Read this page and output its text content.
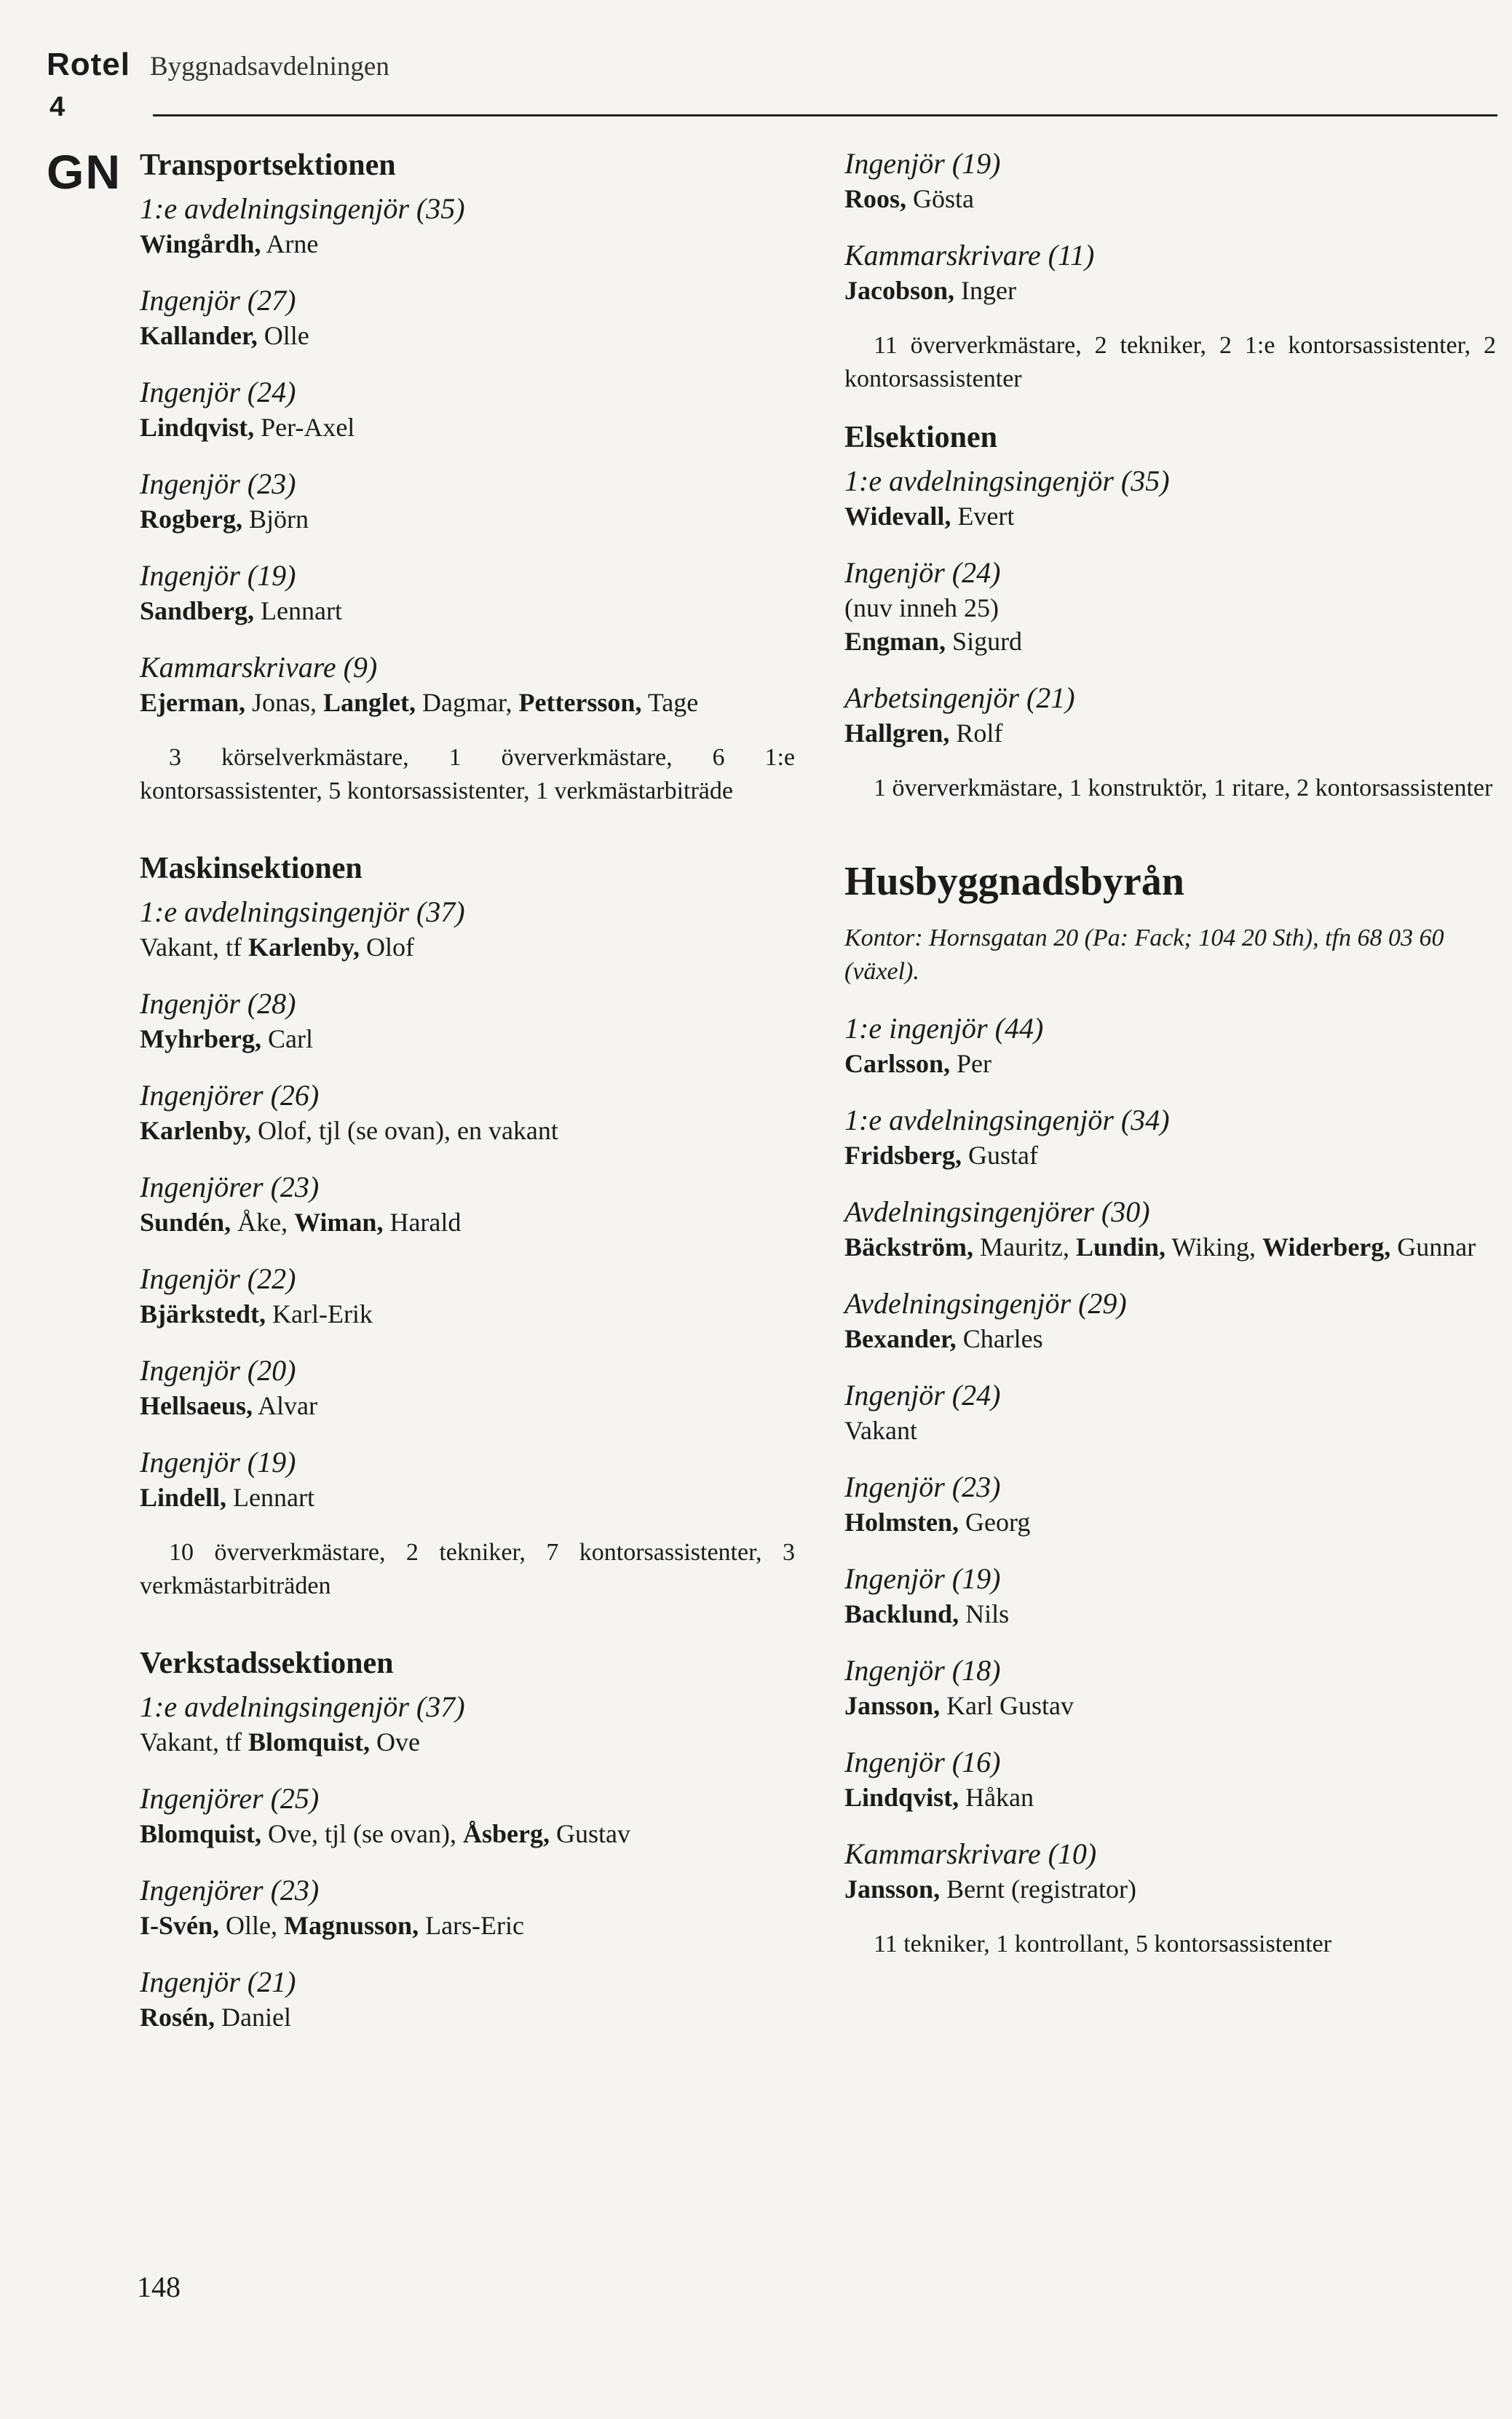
Rotel Byggnadsavdelningen
4
GN Transportsektionen
1:e avdelningsingenjör (35)
Wingårdh, Arne
Ingenjör (27)
Kallander, Olle
Ingenjör (24)
Lindqvist, Per-Axel
Ingenjör (23)
Rogberg, Björn
Ingenjör (19)
Sandberg, Lennart
Kammarskrivare (9)
Ejerman, Jonas, Langlet, Dagmar, Pettersson, Tage
3 körselverkmästare, 1 öververkmästare, 6 1:e kontorsassistenter, 5 kontorsassistenter, 1 verkmästarbiträde
Maskinsektionen
1:e avdelningsingenjör (37)
Vakant, tf Karlenby, Olof
Ingenjör (28)
Myhrberg, Carl
Ingenjörer (26)
Karlenby, Olof, tjl (se ovan), en vakant
Ingenjörer (23)
Sundén, Åke, Wiman, Harald
Ingenjör (22)
Bjärkstedt, Karl-Erik
Ingenjör (20)
Hellsaeus, Alvar
Ingenjör (19)
Lindell, Lennart
10 öververkmästare, 2 tekniker, 7 kontorsassistenter, 3 verkmästarbiträden
Verkstadssektionen
1:e avdelningsingenjör (37)
Vakant, tf Blomquist, Ove
Ingenjörer (25)
Blomquist, Ove, tjl (se ovan), Åsberg, Gustav
Ingenjörer (23)
I-Svén, Olle, Magnusson, Lars-Eric
Ingenjör (21)
Rosén, Daniel
Ingenjör (19)
Roos, Gösta
Kammarskrivare (11)
Jacobson, Inger
11 öververkmästare, 2 tekniker, 2 1:e kontorsassistenter, 2 kontorsassistenter
Elsektionen
1:e avdelningsingenjör (35)
Widevall, Evert
Ingenjör (24)
(nuv inneh 25)
Engman, Sigurd
Arbetsingenjör (21)
Hallgren, Rolf
1 öververkmästare, 1 konstruktör, 1 ritare, 2 kontorsassistenter
Husbyggnadsbyrån
Kontor: Hornsgatan 20 (Pa: Fack; 104 20 Sth), tfn 68 03 60 (växel).
1:e ingenjör (44)
Carlsson, Per
1:e avdelningsingenjör (34)
Fridsberg, Gustaf
Avdelningsingenjörer (30)
Bäckström, Mauritz, Lundin, Wiking, Widerberg, Gunnar
Avdelningsingenjör (29)
Bexander, Charles
Ingenjör (24)
Vakant
Ingenjör (23)
Holmsten, Georg
Ingenjör (19)
Backlund, Nils
Ingenjör (18)
Jansson, Karl Gustav
Ingenjör (16)
Lindqvist, Håkan
Kammarskrivare (10)
Jansson, Bernt (registrator)
11 tekniker, 1 kontrollant, 5 kontorsassistenter
148
